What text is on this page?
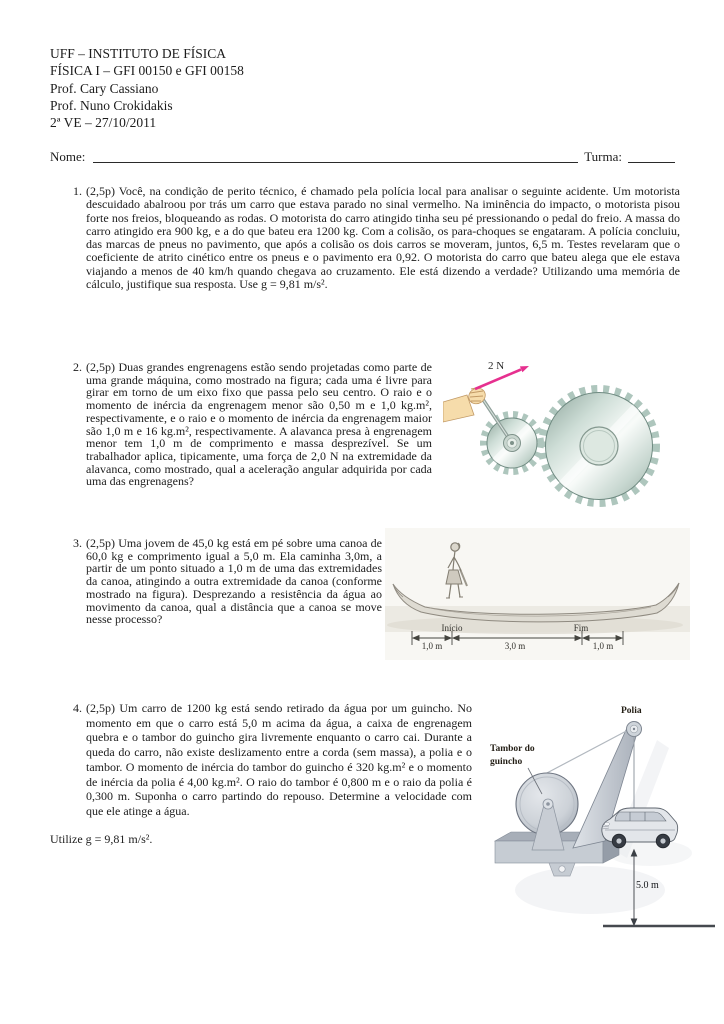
UFF – INSTITUTO DE FÍSICA
FÍSICA I – GFI 00150 e GFI 00158
Prof. Cary Cassiano
Prof. Nuno Crokidakis
2ª VE – 27/10/2011
Nome:	Turma:
1. (2,5p) Você, na condição de perito técnico, é chamado pela polícia local para analisar o seguinte acidente. Um motorista descuidado abalroou por trás um carro que estava parado no sinal vermelho. Na iminência do impacto, o motorista pisou forte nos freios, bloqueando as rodas. O motorista do carro atingido tinha seu pé pressionando o pedal do freio. A massa do carro atingido era 900 kg, e a do que bateu era 1200 kg. Com a colisão, os para-choques se engataram. A polícia concluiu, das marcas de pneus no pavimento, que após a colisão os dois carros se moveram, juntos, 6,5 m. Testes revelaram que o coeficiente de atrito cinético entre os pneus e o pavimento era 0,92. O motorista do carro que bateu alega que ele estava viajando a menos de 40 km/h quando chegava ao cruzamento. Ele está dizendo a verdade? Utilizando uma memória de cálculo, justifique sua resposta. Use g = 9,81 m/s².
2. (2,5p) Duas grandes engrenagens estão sendo projetadas como parte de uma grande máquina, como mostrado na figura; cada uma é livre para girar em torno de um eixo fixo que passa pelo seu centro. O raio e o momento de inércia da engrenagem menor são 0,50 m e 1,0 kg.m², respectivamente, e o raio e o momento de inércia da engrenagem maior são 1,0 m e 16 kg.m², respectivamente. A alavanca presa à engrenagem menor tem 1,0 m de comprimento e massa desprezível. Se um trabalhador aplica, tipicamente, uma força de 2,0 N na extremidade da alavanca, como mostrado, qual a aceleração angular adquirida por cada uma das engrenagens?
3. (2,5p) Uma jovem de 45,0 kg está em pé sobre uma canoa de 60,0 kg e comprimento igual a 5,0 m. Ela caminha 3,0m, a partir de um ponto situado a 1,0 m de uma das extremidades da canoa, atingindo a outra extremidade da canoa (conforme mostrado na figura). Desprezando a resistência da água ao movimento da canoa, qual a distância que a canoa se move nesse processo?
4. (2,5p) Um carro de 1200 kg está sendo retirado da água por um guincho. No momento em que o carro está 5,0 m acima da água, a caixa de engrenagem quebra e o tambor do guincho gira livremente enquanto o carro cai. Durante a queda do carro, não existe deslizamento entre a corda (sem massa), a polia e o tambor. O momento de inércia do tambor do guincho é 320 kg.m² e o momento de inércia da polia é 4,00 kg.m². O raio do tambor é 0,800 m e o raio da polia é 0,300 m. Suponha o carro partindo do repouso. Determine a velocidade com que ele atinge a água.
Utilize g = 9,81 m/s².
2 N
Início	Fim
1,0 m	3,0 m	1,0 m
Polia
Tambor do
guincho
5.0 m
